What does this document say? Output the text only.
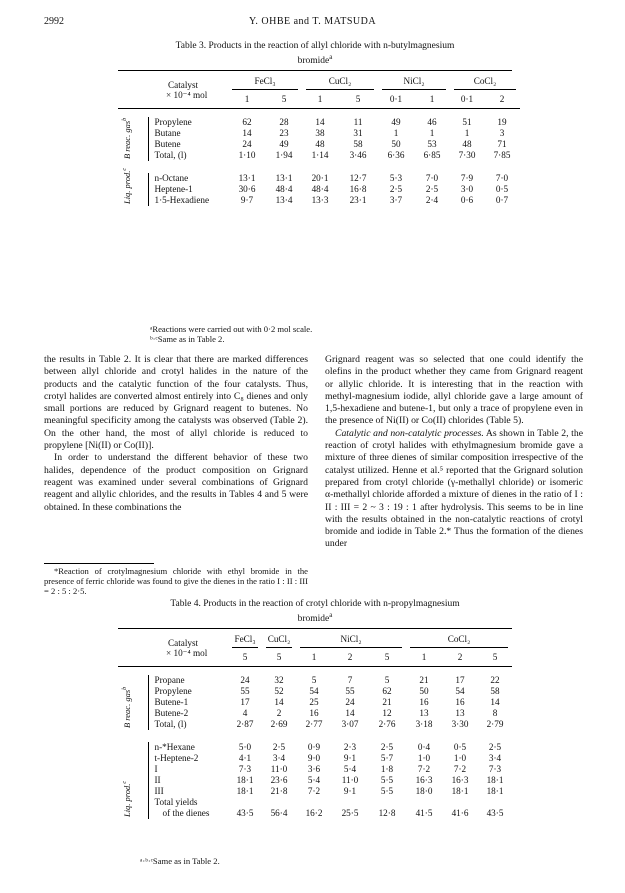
2992	Y. OHBE and T. MATSUDA
Table 3. Products in the reaction of allyl chloride with n-butylmagnesium
bromide$^a$
	Catalyst	FeCl₃		CuCl₂		NiCl₂		CoCl₂	

	× 10⁻⁴ mol	1	5	1	5	0·1	1	0·1	2

B reac. gas$^b$	Propylene	62	28	14	11	49	46	51	19
	Butane	14	23	38	31	1	1	1	3
	Butene	24	49	48	58	50	53	48	71
	Total, (l)	1·10	1·94	1·14	3·46	6·36	6·85	7·30	7·85

Liq. prod.$^c$	n-Octane	13·1	13·1	20·1	12·7	5·3	7·0	7·9	7·0
	Heptene-1	30·6	48·4	48·4	16·8	2·5	2·5	3·0	0·5
	1·5-Hexadiene	9·7	13·4	13·3	23·1	3·7	2·4	0·6	0·7
ᵃReactions were carried out with 0·2 mol scale.
ᵇ·ᶜSame as in Table 2.

the results in Table 2. It is clear that there are marked differences between allyl chloride and crotyl halides in the nature of the products and the catalytic function of the four catalysts. Thus, crotyl halides are converted almost entirely into C₈ dienes and only small portions are reduced by Grignard reagent to butenes. No meaningful specificity among the catalysts was observed (Table 2). On the other hand, the most of allyl chloride is reduced to propylene [Ni(II) or Co(II)].

In order to understand the different behavior of these two halides, dependence of the product composition on Grignard reagent was examined under several combinations of Grignard reagent and allylic chlorides, and the results in Tables 4 and 5 were obtained. In these combinations the

*Reaction of crotylmagnesium chloride with ethyl bromide in the presence of ferric chloride was found to give the dienes in the ratio I : II : III = 2 : 5 : 2·5.

Grignard reagent was so selected that one could identify the olefins in the product whether they came from Grignard reagent or allylic chloride. It is interesting that in the reaction with methyl-magnesium iodide, allyl chloride gave a large amount of 1,5-hexadiene and butene-1, but only a trace of propylene even in the presence of Ni(II) or Co(II) chlorides (Table 5).

Catalytic and non-catalytic processes. As shown in Table 2, the reaction of crotyl halides with ethylmagnesium bromide gave a mixture of three dienes of similar composition irrespective of the catalyst utilized. Henne et al.⁵ reported that the Grignard solution prepared from crotyl chloride (γ-methallyl chloride) or isomeric α-methallyl chloride afforded a mixture of dienes in the ratio of I : II : III = 2 ~ 3 : 19 : 1 after hydrolysis. This seems to be in line with the results obtained in the non-catalytic reactions of crotyl bromide and iodide in Table 2.* Thus the formation of the dienes under

Table 4. Products in the reaction of crotyl chloride with n-propylmagnesium
bromide$^a$
	Catalyst	FeCl₃	CuCl₂	NiCl₂			CoCl₂		

	× 10⁻⁴ mol	5	5	1	2	5	1	2	5

B reac. gas$^b$	Propane	24	32	5	7	5	21	17	22
	Propylene	55	52	54	55	62	50	54	58
	Butene-1	17	14	25	24	21	16	16	14
	Butene-2	4	2	16	14	12	13	13	8
	Total, (l)	2·87	2·69	2·77	3·07	2·76	3·18	3·30	2·79

Liq. prod.$^c$	n-*Hexane	5·0	2·5	0·9	2·3	2·5	0·4	0·5	2·5
	t-Heptene-2	4·1	3·4	9·0	9·1	5·7	1·0	1·0	3·4
	I	7·3	11·0	3·6	5·4	1·8	7·2	7·2	7·3
	II	18·1	23·6	5·4	11·0	5·5	16·3	16·3	18·1
	III	18·1	21·8	7·2	9·1	5·5	18·0	18·1	18·1
	Total yields								
	of the dienes	43·5	56·4	16·2	25·5	12·8	41·5	41·6	43·5
ᵃ·ᵇ·ᶜSame as in Table 2.
